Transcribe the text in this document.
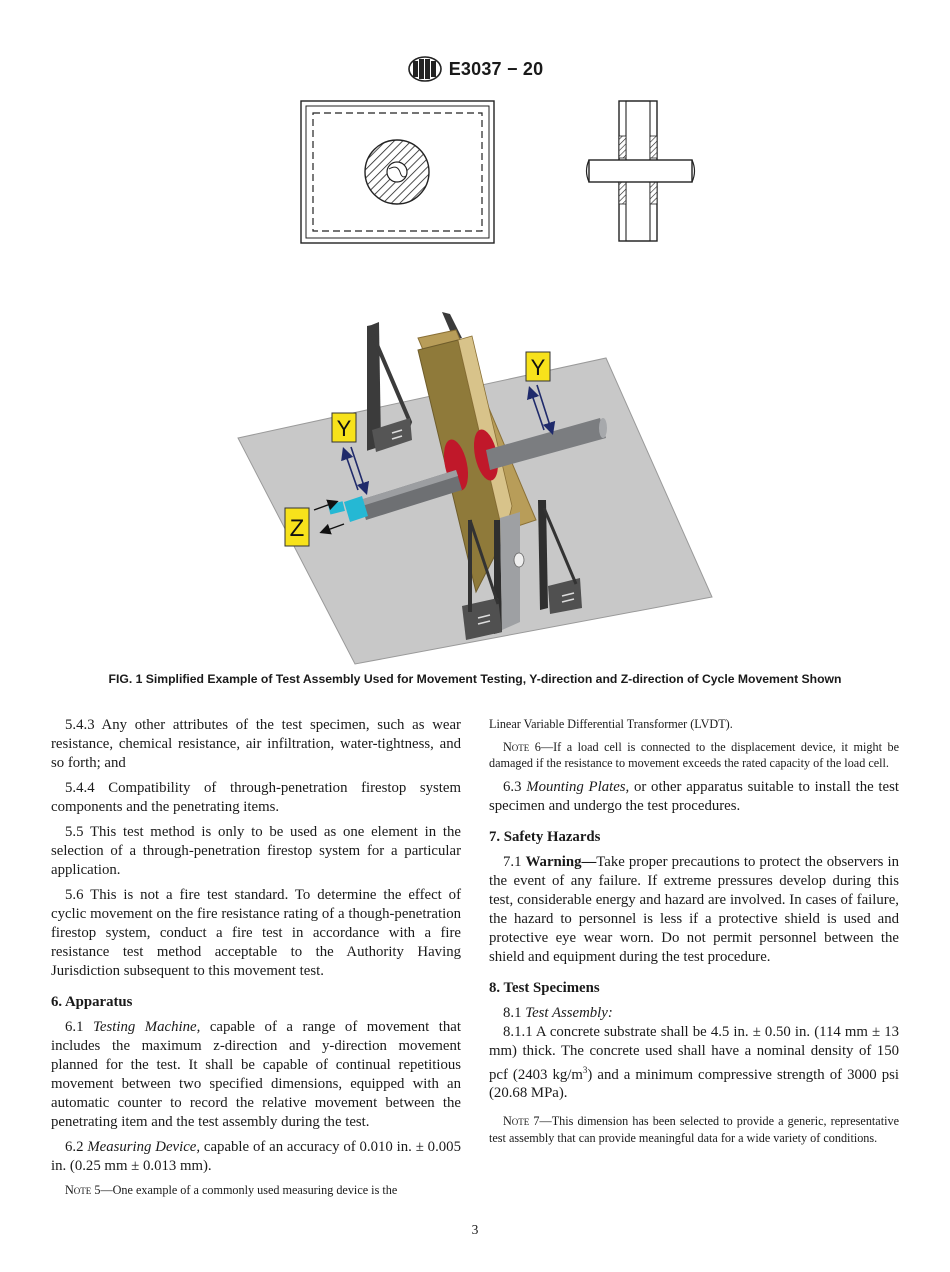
E3037 − 20
Y
Y
Z
FIG. 1 Simplified Example of Test Assembly Used for Movement Testing, Y-direction and Z-direction of Cycle Movement Shown

5.4.3 Any other attributes of the test specimen, such as wear resistance, chemical resistance, air infiltration, water-tightness, and so forth; and

5.4.4 Compatibility of through-penetration firestop system components and the penetrating items.

5.5 This test method is only to be used as one element in the selection of a through-penetration firestop system for a particular application.

5.6 This is not a fire test standard. To determine the effect of cyclic movement on the fire resistance rating of a though-penetration firestop system, conduct a fire test in accordance with a fire resistance test method acceptable to the Authority Having Jurisdiction subsequent to this movement test.

6. Apparatus

6.1 Testing Machine, capable of a range of movement that includes the maximum z-direction and y-direction movement planned for the test. It shall be capable of continual repetitious movement between two specified dimensions, equipped with an automatic counter to record the relative movement between the penetrating item and the test assembly during the test.

6.2 Measuring Device, capable of an accuracy of 0.010 in. ± 0.005 in. (0.25 mm ± 0.013 mm).

Note 5—One example of a commonly used measuring device is the

Linear Variable Differential Transformer (LVDT).

Note 6—If a load cell is connected to the displacement device, it might be damaged if the resistance to movement exceeds the rated capacity of the load cell.

6.3 Mounting Plates, or other apparatus suitable to install the test specimen and undergo the test procedures.

7. Safety Hazards

7.1 Warning—Take proper precautions to protect the observers in the event of any failure. If extreme pressures develop during this test, considerable energy and hazard are involved. In cases of failure, the hazard to personnel is less if a protective shield is used and protective eye wear worn. Do not permit personnel between the shield and equipment during the test procedure.

8. Test Specimens

8.1 Test Assembly:

8.1.1 A concrete substrate shall be 4.5 in. ± 0.50 in. (114 mm ± 13 mm) thick. The concrete used shall have a nominal density of 150 pcf (2403 $kg/m^3$) and a minimum compressive strength of 3000 psi (20.68 MPa).

Note 7—This dimension has been selected to provide a generic, representative test assembly that can provide meaningful data for a wide variety of conditions.

3
